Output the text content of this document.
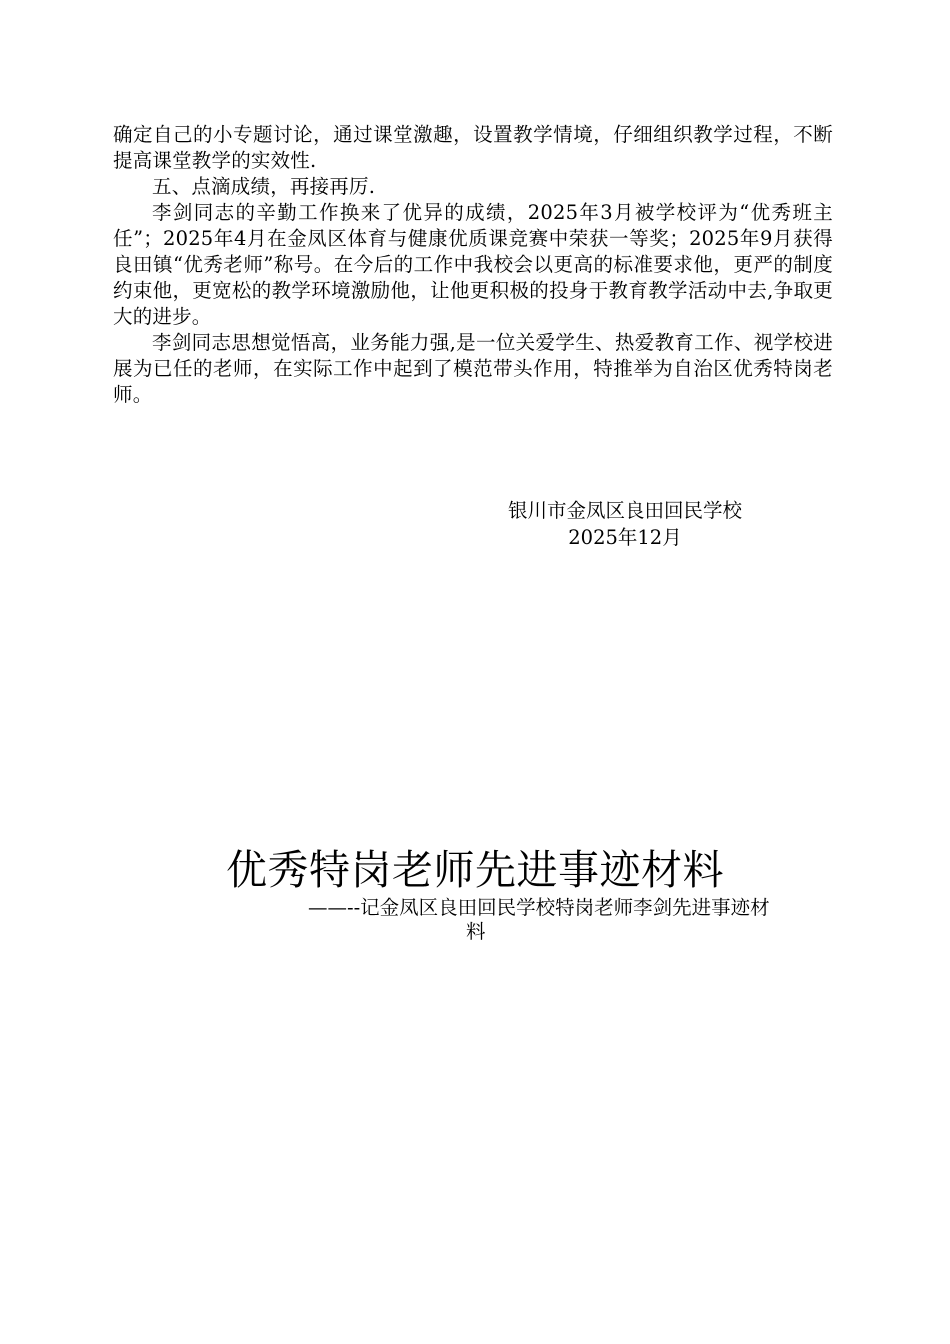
确定自己的小专题讨论，通过课堂激趣，设置教学情境，仔细组织教学过程，不断提高课堂教学的实效性.

五、点滴成绩，再接再厉.

李剑同志的辛勤工作换来了优异的成绩，2025年3月被学校评为“优秀班主任”；2025年4月在金凤区体育与健康优质课竞赛中荣获一等奖；2025年9月获得良田镇“优秀老师”称号。在今后的工作中我校会以更高的标准要求他，更严的制度约束他，更宽松的教学环境激励他，让他更积极的投身于教育教学活动中去,争取更大的进步。

李剑同志思想觉悟高，业务能力强,是一位关爱学生、热爱教育工作、视学校进展为已任的老师，在实际工作中起到了模范带头作用，特推举为自治区优秀特岗老师。

银川市金凤区良田回民学校
2025年12月
优秀特岗老师先进事迹材料
——--记金凤区良田回民学校特岗老师李剑先进事迹材
料
